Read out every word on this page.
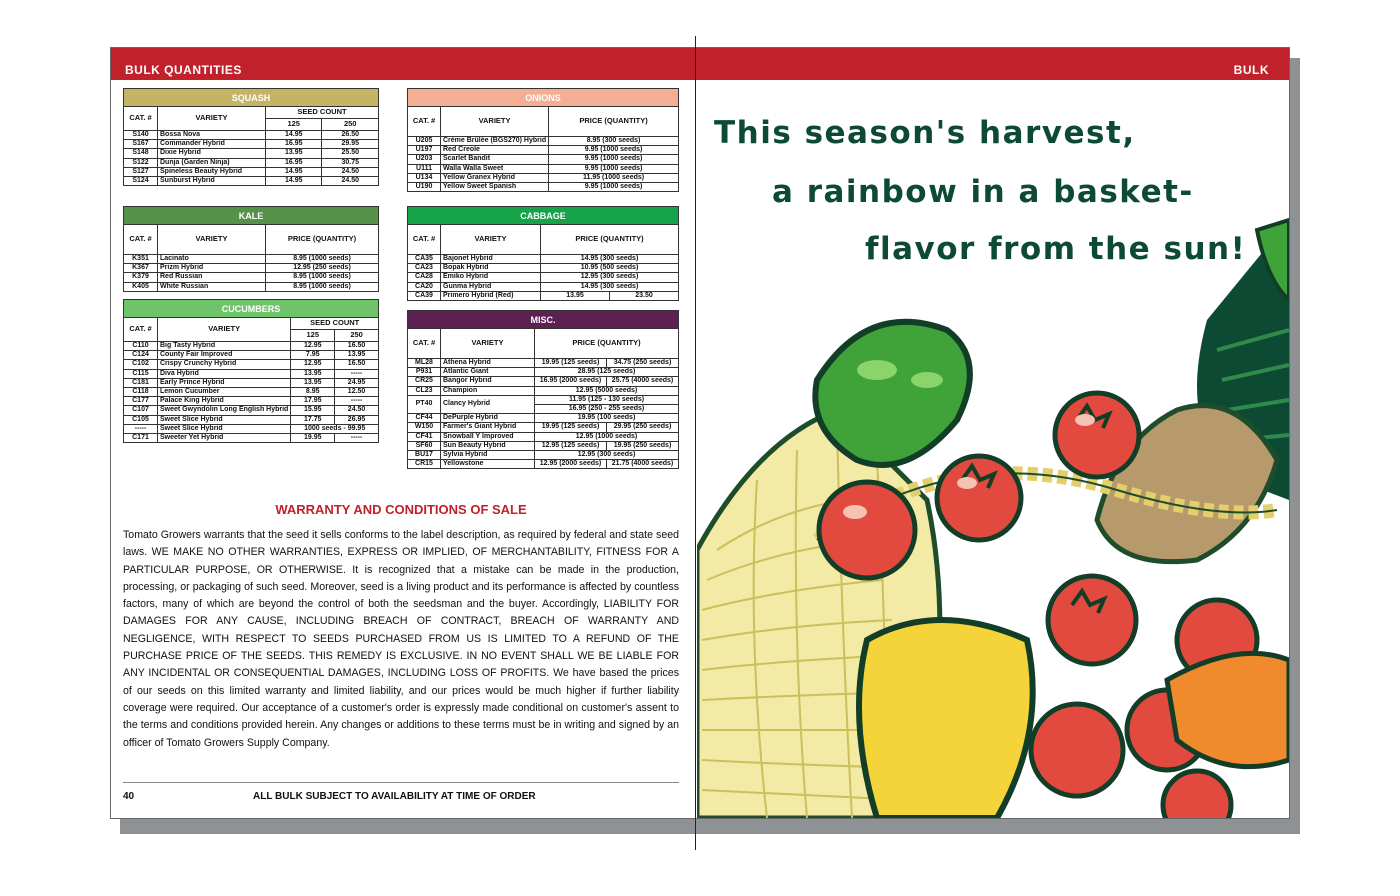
BULK QUANTITIES	BULK
SQUASH
CAT. #	VARIETY	SEED COUNT	
		125	250
S140	Bossa Nova	14.95	26.50
S167	Commander Hybrid	16.95	29.95
S148	Dixie Hybrid	13.95	25.50
S122	Dunja (Garden Ninja)	16.95	30.75
S127	Spineless Beauty Hybrid	14.95	24.50
S124	Sunburst Hybrid	14.95	24.50
ONIONS
CAT. #	VARIETY	PRICE (QUANTITY)
U205	Crème Brûlée (BGS270) Hybrid	8.95 (300 seeds)
U197	Red Creole	9.95 (1000 seeds)
U203	Scarlet Bandit	9.95 (1000 seeds)
U111	Walla Walla Sweet	9.95 (1000 seeds)
U134	Yellow Granex Hybrid	11.95 (1000 seeds)
U190	Yellow Sweet Spanish	9.95 (1000 seeds)
KALE
CAT. #	VARIETY	PRICE (QUANTITY)
K351	Lacinato	8.95 (1000 seeds)
K367	Prizm Hybrid	12.95 (250 seeds)
K379	Red Russian	8.95 (1000 seeds)
K405	White Russian	8.95 (1000 seeds)
CABBAGE
CAT. #	VARIETY	PRICE (QUANTITY)	
CA35	Bajonet Hybrid	14.95 (300 seeds)	
CA23	Bopak Hybrid	10.95 (500 seeds)	
CA28	Emiko Hybrid	12.95 (300 seeds)	
CA20	Gunma Hybrid	14.95 (300 seeds)	
CA39	Primero Hybrid (Red)	13.95	23.50
CUCUMBERS
CAT. #	VARIETY	SEED COUNT	
		125	250
C110	Big Tasty Hybrid	12.95	16.50
C124	County Fair Improved	7.95	13.95
C102	Crispy Crunchy Hybrid	12.95	16.50
C115	Diva Hybrid	13.95	-----
C181	Early Prince Hybrid	13.95	24.95
C118	Lemon Cucumber	8.95	12.50
C177	Palace King Hybrid	17.95	-----
C107	Sweet Gwyndolin Long English Hybrid	15.95	24.50
C105	Sweet Slice Hybrid	17.75	26.95
-----	Sweet Slice Hybrid	1000 seeds - 99.95	
C171	Sweeter Yet Hybrid	19.95	-----
MISC.
CAT. #	VARIETY	PRICE (QUANTITY)	
ML28	Athena Hybrid	19.95 (125 seeds)	34.75 (250 seeds)
P931	Atlantic Giant	28.95 (125 seeds)	
CR25	Bangor Hybrid	16.95 (2000 seeds)	25.75 (4000 seeds)
CL23	Champion	12.95 (5000 seeds)	
PT40	Clancy Hybrid	11.95 (125 - 130 seeds)	
		16.95 (250 - 255 seeds)	
CF44	DePurple Hybrid	19.95 (100 seeds)	
W150	Farmer's Giant Hybrid	19.95 (125 seeds)	29.95 (250 seeds)
CF41	Snowball Y Improved	12.95 (1000 seeds)	
SF60	Sun Beauty Hybrid	12.95 (125 seeds)	19.95 (250 seeds)
BU17	Sylvia Hybrid	12.95 (300 seeds)	
CR15	Yellowstone	12.95 (2000 seeds)	21.75 (4000 seeds)
WARRANTY AND CONDITIONS OF SALE
Tomato Growers warrants that the seed it sells conforms to the label description, as required by federal and state seed laws. WE MAKE NO OTHER WARRANTIES, EXPRESS OR IMPLIED, OF MERCHANTABILITY, FITNESS FOR A PARTICULAR PURPOSE, OR OTHERWISE. It is recognized that a mistake can be made in the production, processing, or packaging of such seed. Moreover, seed is a living product and its performance is affected by countless factors, many of which are beyond the control of both the seedsman and the buyer. Accordingly, LIABILITY FOR DAMAGES FOR ANY CAUSE, INCLUDING BREACH OF CONTRACT, BREACH OF WARRANTY AND NEGLIGENCE, WITH RESPECT TO SEEDS PURCHASED FROM US IS LIMITED TO A REFUND OF THE PURCHASE PRICE OF THE SEEDS. THIS REMEDY IS EXCLUSIVE. IN NO EVENT SHALL WE BE LIABLE FOR ANY INCIDENTAL OR CONSEQUENTIAL DAMAGES, INCLUDING LOSS OF PROFITS. We have based the prices of our seeds on this limited warranty and limited liability, and our prices would be much higher if further liability coverage were required. Our acceptance of a customer's order is expressly made conditional on customer's assent to the terms and conditions provided herein. Any changes or additions to these terms must be in writing and signed by an officer of Tomato Growers Supply Company.
40	ALL BULK SUBJECT TO AVAILABILITY AT TIME OF ORDER
This season's harvest,
a rainbow in a basket-
flavor from the sun!
